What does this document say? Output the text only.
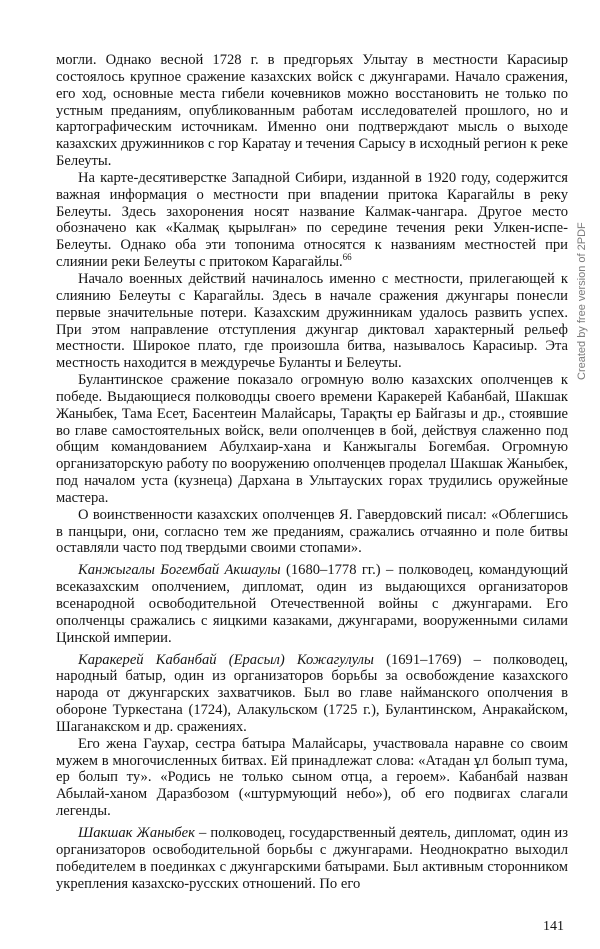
могли. Однако весной 1728 г. в предгорьях Улытау в местности Карасиыр состоялось крупное сражение казахских войск с джунгарами. Начало сражения, его ход, основные места гибели кочевников можно восстановить не только по устным преданиям, опубликованным работам исследователей прошлого, но и картографическим источникам. Именно они подтверждают мысль о выходе казахских дружинников с гор Каратау и течения Сарысу в исходный регион к реке Белеуты.

На карте-десятиверстке Западной Сибири, изданной в 1920 году, содержится важная информация о местности при впадении притока Карагайлы в реку Белеуты. Здесь захоронения носят название Калмак-чангара. Другое место обозначено как «Калмақ қырылған» по середине течения реки Улкен-испе-Белеуты. Однако оба эти топонима относятся к названиям местностей при слиянии реки Белеуты с притоком Карагайлы.$^{66}$

Начало военных действий начиналось именно с местности, прилегающей к слиянию Белеуты с Карагайлы. Здесь в начале сражения джунгары понесли первые значительные потери. Казахским дружинникам удалось развить успех. При этом направление отступления джунгар диктовал характерный рельеф местности. Широкое плато, где произошла битва, называлось Карасиыр. Эта местность находится в междуречье Буланты и Белеуты.

Булантинское сражение показало огромную волю казахских ополченцев к победе. Выдающиеся полководцы своего времени Каракерей Кабанбай, Шакшак Жаныбек, Тама Есет, Басентеин Малайсары, Тарақты ер Байгазы и др., стоявшие во главе самостоятельных войск, вели ополченцев в бой, действуя слаженно под общим командованием Абулхаир-хана и Канжыгалы Богембая. Огромную организаторскую работу по вооружению ополченцев проделал Шакшак Жаныбек, под началом уста (кузнеца) Дархана в Улытауских горах трудились оружейные мастера.

О воинственности казахских ополченцев Я. Гавердовский писал: «Облегшись в панцыри, они, согласно тем же преданиям, сражались отчаянно и поле битвы оставляли часто под твердыми своими стопами».

Канжыгалы Богембай Акшаулы (1680–1778 гг.) – полководец, командующий всеказахским ополчением, дипломат, один из выдающихся организаторов всенародной освободительной Отечественной войны с джунгарами. Его ополченцы сражались с яицкими казаками, джунгарами, вооруженными силами Цинской империи.

Каракерей Кабанбай (Ерасыл) Кожагулулы (1691–1769) – полководец, народный батыр, один из организаторов борьбы за освобождение казахского народа от джунгарских захватчиков. Был во главе найманского ополчения в обороне Туркестана (1724), Алакульском (1725 г.), Булантинском, Анракайском, Шаганакском и др. сражениях.

Его жена Гаухар, сестра батыра Малайсары, участвовала наравне со своим мужем в многочисленных битвах. Ей принадлежат слова: «Атадан ұл болып тума, ер болып ту». «Родись не только сыном отца, а героем». Кабанбай назван Абылай-ханом Даразбозом («штурмующий небо»), об его подвигах слагали легенды.

Шакшак Жаныбек – полководец, государственный деятель, дипломат, один из организаторов освободительной борьбы с джунгарами. Неоднократно выходил победителем в поединках с джунгарскими батырами. Был активным сторонником укрепления казахско-русских отношений. По его

141
Created by free version of 2PDF
